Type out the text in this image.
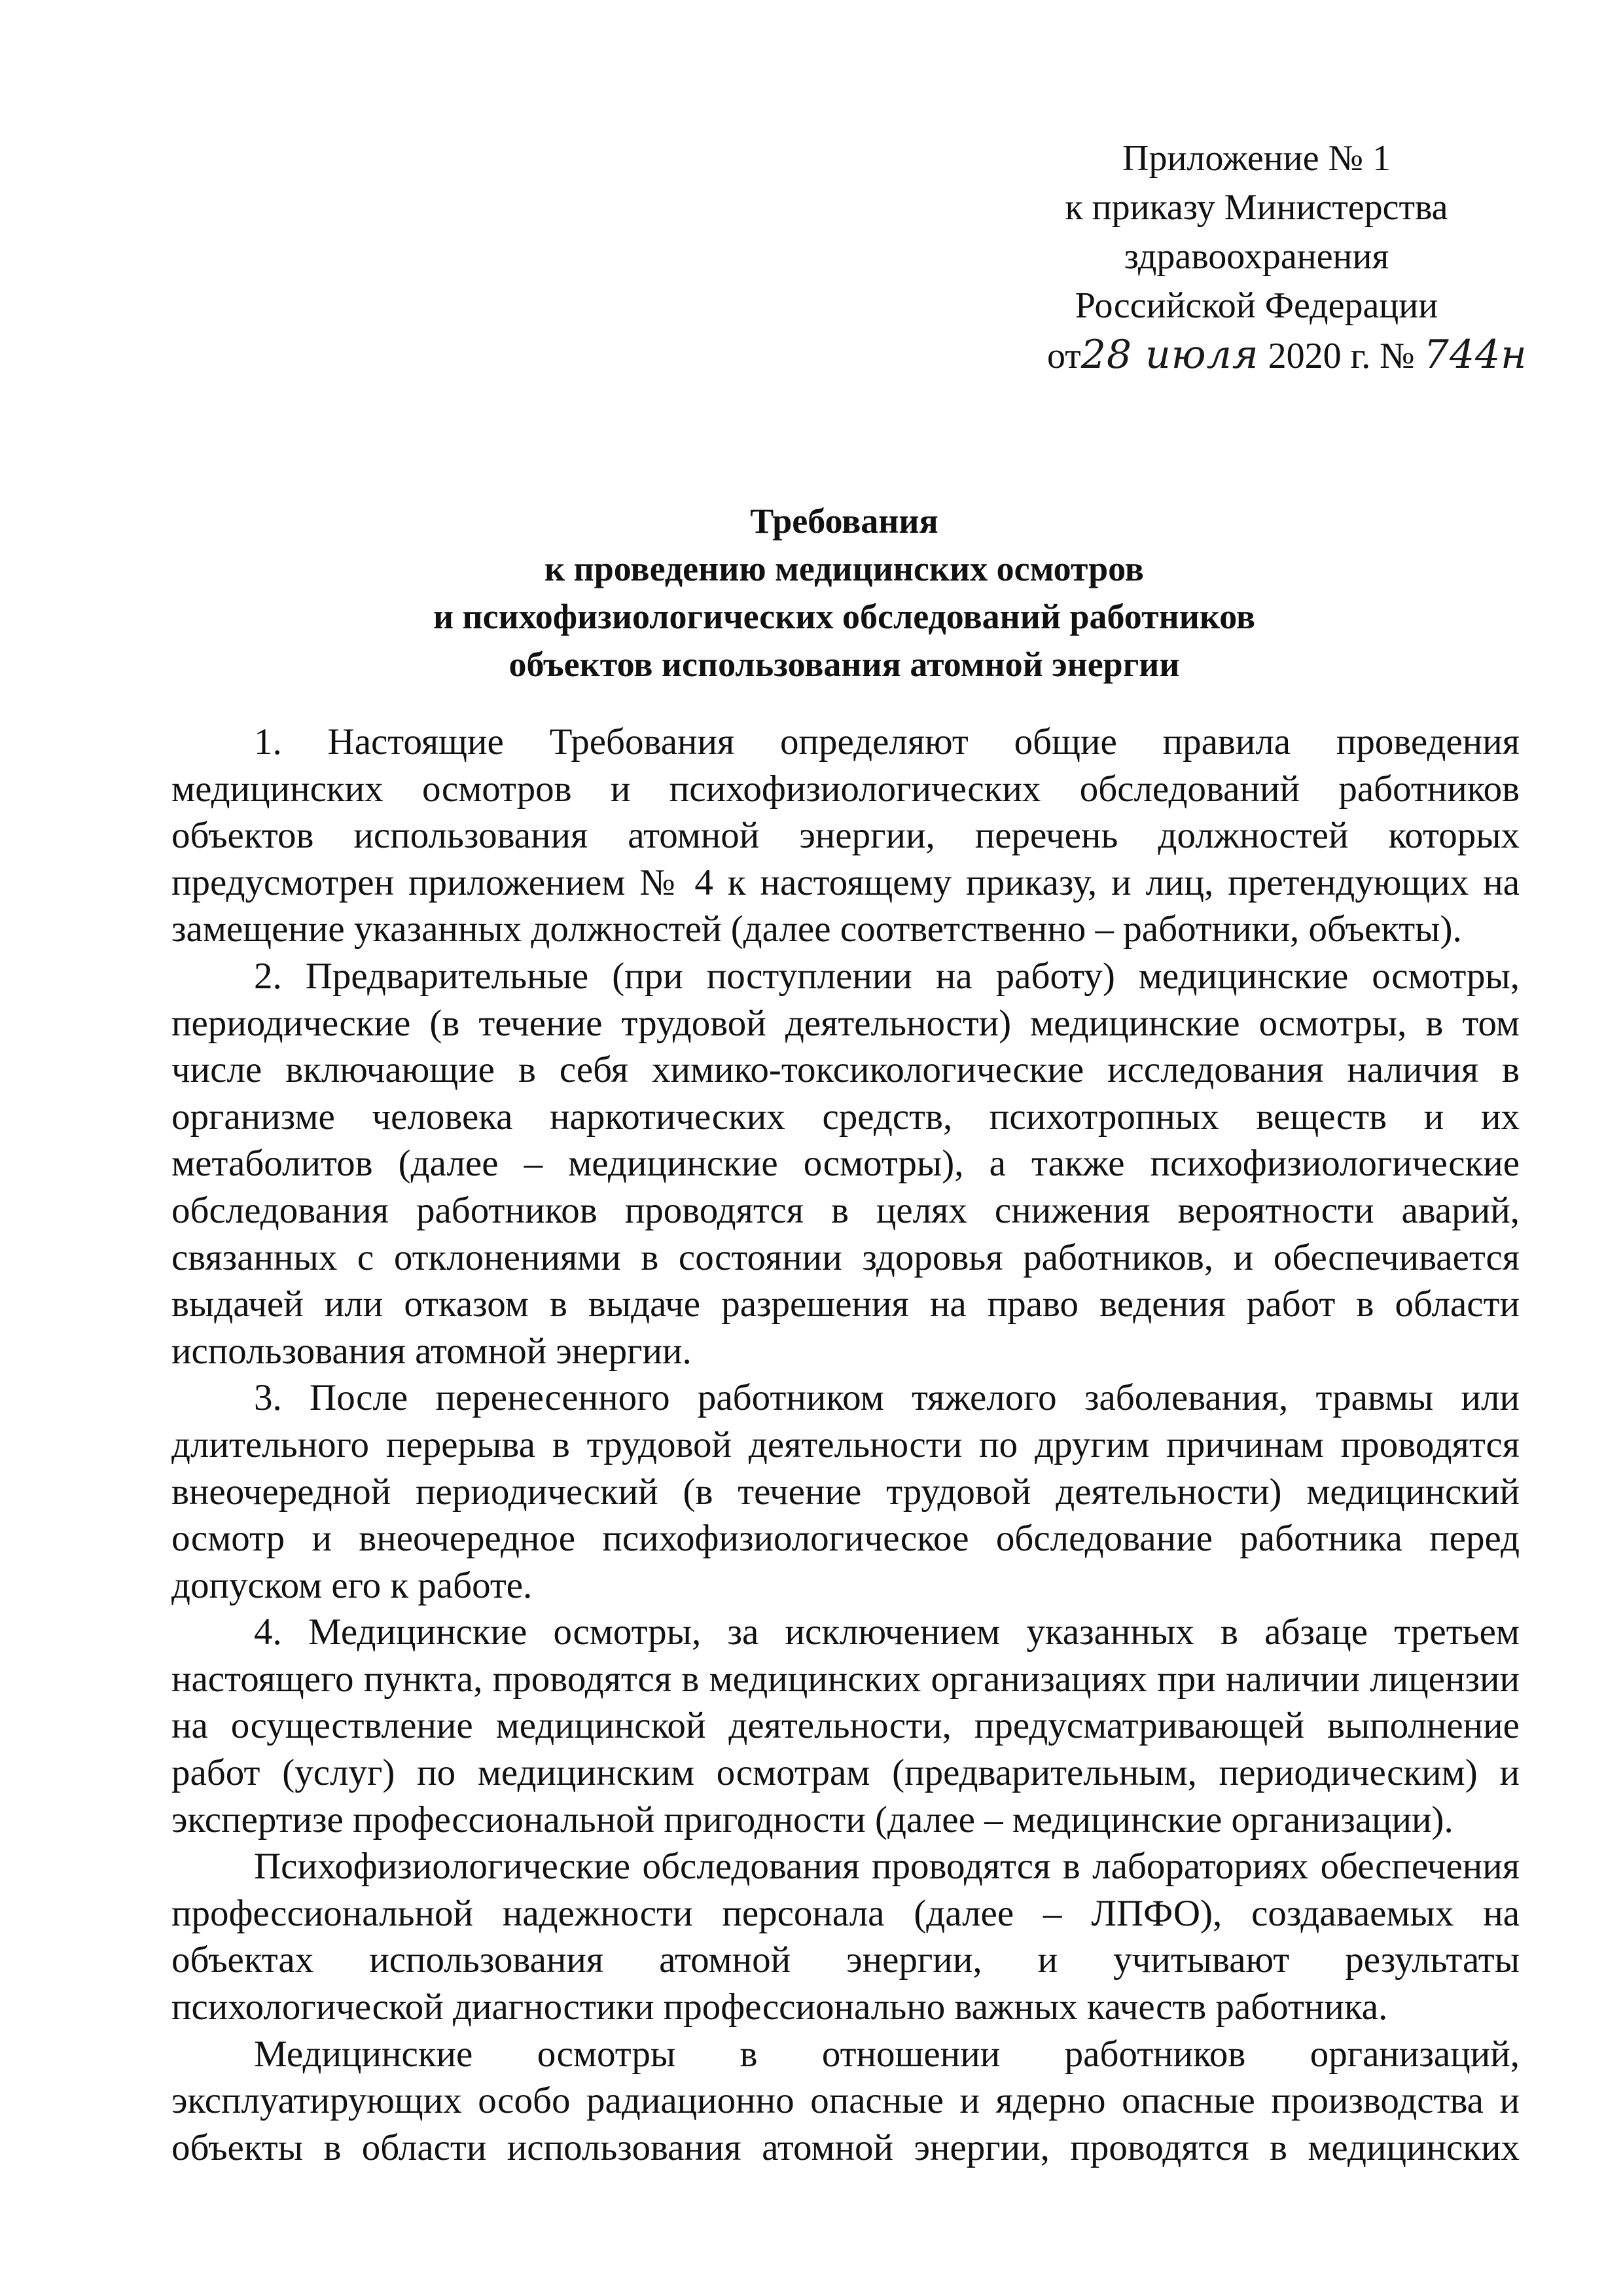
Приложение № 1
к приказу Министерства
здравоохранения
Российской Федерации
от28 июля 2020 г. № 744н
Требования
к проведению медицинских осмотров
и психофизиологических обследований работников
объектов использования атомной энергии

1. Настоящие Требования определяют общие правила проведения медицинских осмотров и психофизиологических обследований работников объектов использования атомной энергии, перечень должностей которых предусмотрен приложением № 4 к настоящему приказу, и лиц, претендующих на замещение указанных должностей (далее соответственно – работники, объекты).

2. Предварительные (при поступлении на работу) медицинские осмотры, периодические (в течение трудовой деятельности) медицинские осмотры, в том числе включающие в себя химико-токсикологические исследования наличия в организме человека наркотических средств, психотропных веществ и их метаболитов (далее – медицинские осмотры), а также психофизиологические обследования работников проводятся в целях снижения вероятности аварий, связанных с отклонениями в состоянии здоровья работников, и обеспечивается выдачей или отказом в выдаче разрешения на право ведения работ в области использования атомной энергии.

3. После перенесенного работником тяжелого заболевания, травмы или длительного перерыва в трудовой деятельности по другим причинам проводятся внеочередной периодический (в течение трудовой деятельности) медицинский осмотр и внеочередное психофизиологическое обследование работника перед допуском его к работе.

4. Медицинские осмотры, за исключением указанных в абзаце третьем настоящего пункта, проводятся в медицинских организациях при наличии лицензии на осуществление медицинской деятельности, предусматривающей выполнение работ (услуг) по медицинским осмотрам (предварительным, периодическим) и экспертизе профессиональной пригодности (далее – медицинские организации).

Психофизиологические обследования проводятся в лабораториях обеспечения профессиональной надежности персонала (далее – ЛПФО), создаваемых на объектах использования атомной энергии, и учитывают результаты психологической диагностики профессионально важных качеств работника.

Медицинские осмотры в отношении работников организаций, эксплуатирующих особо радиационно опасные и ядерно опасные производства и объекты в области использования атомной энергии, проводятся в медицинских
